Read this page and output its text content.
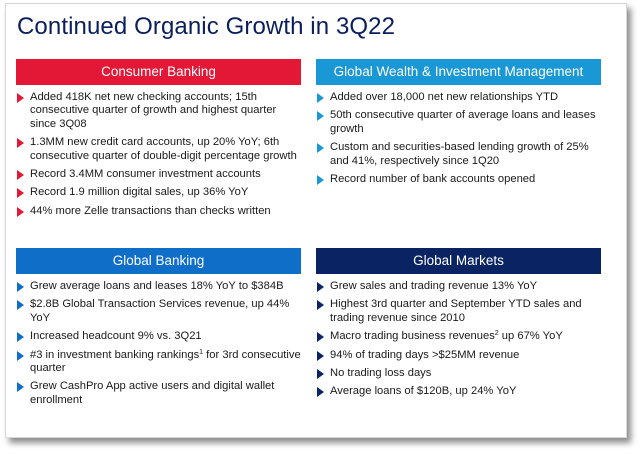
Continued Organic Growth in 3Q22
Consumer Banking
Added 418K net new checking accounts; 15th consecutive quarter of growth and highest quarter since 3Q08
1.3MM new credit card accounts, up 20% YoY; 6th consecutive quarter of double-digit percentage growth
Record 3.4MM consumer investment accounts
Record 1.9 million digital sales, up 36% YoY
44% more Zelle transactions than checks written
Global Wealth & Investment Management
Added over 18,000 net new relationships YTD
50th consecutive quarter of average loans and leases growth
Custom and securities-based lending growth of 25% and 41%, respectively since 1Q20
Record number of bank accounts opened
Global Banking
Grew average loans and leases 18% YoY to $384B
$2.8B Global Transaction Services revenue, up 44% YoY
Increased headcount 9% vs. 3Q21
#3 in investment banking rankings$^1$ for 3rd consecutive quarter
Grew CashPro App active users and digital wallet enrollment
Global Markets
Grew sales and trading revenue 13% YoY
Highest 3rd quarter and September YTD sales and trading revenue since 2010
Macro trading business revenues$^2$ up 67% YoY
94% of trading days >$25MM revenue
No trading loss days
Average loans of $120B, up 24% YoY
